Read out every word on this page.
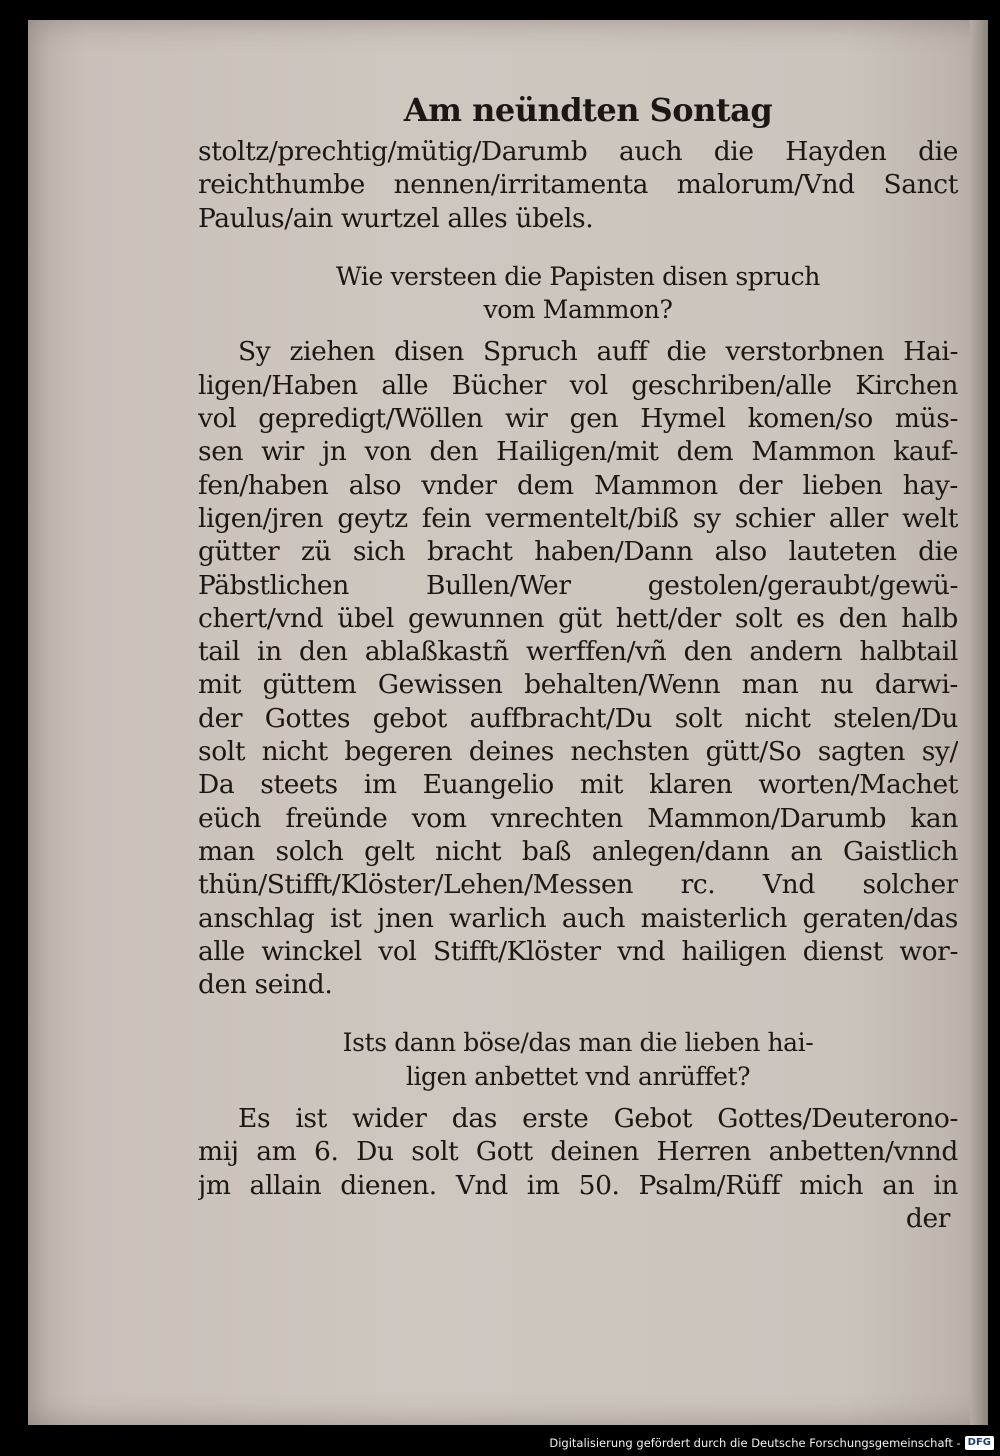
Am neündten Sontag
stoltz/prechtig/mütig/Darumb auch die Hayden die
reichthumbe nennen/irritamenta malorum/Vnd Sanct
Paulus/ain wurtzel alles übels.
Wie versteen die Papisten disen spruch
vom Mammon?
Sy ziehen disen Spruch auff die verstorbnen Hai-
ligen/Haben alle Bücher vol geschriben/alle Kirchen
vol gepredigt/Wöllen wir gen Hymel komen/so müs-
sen wir jn von den Hailigen/mit dem Mammon kauf-
fen/haben also vnder dem Mammon der lieben hay-
ligen/jren geytz fein vermentelt/biß sy schier aller welt
gütter zü sich bracht haben/Dann also lauteten die
Päbstlichen Bullen/Wer gestolen/geraubt/gewü-
chert/vnd übel gewunnen güt hett/der solt es den halb
tail in den ablaßkastñ werffen/vñ den andern halbtail
mit güttem Gewissen behalten/Wenn man nu darwi-
der Gottes gebot auffbracht/Du solt nicht stelen/Du
solt nicht begeren deines nechsten gütt/So sagten sy/
Da steets im Euangelio mit klaren worten/Machet
eüch freünde vom vnrechten Mammon/Darumb kan
man solch gelt nicht baß anlegen/dann an Gaistlich
thün/Stifft/Klöster/Lehen/Messen rc. Vnd solcher
anschlag ist jnen warlich auch maisterlich geraten/das
alle winckel vol Stifft/Klöster vnd hailigen dienst wor-
den seind.
Ists dann böse/das man die lieben hai-
ligen anbettet vnd anrüffet?
Es ist wider das erste Gebot Gottes/Deuterono-
mij am 6. Du solt Gott deinen Herren anbetten/vnnd
jm allain dienen. Vnd im 50. Psalm/Rüff mich an in
der
Digitalisierung gefördert durch die Deutsche Forschungsgemeinschaft - DFG
